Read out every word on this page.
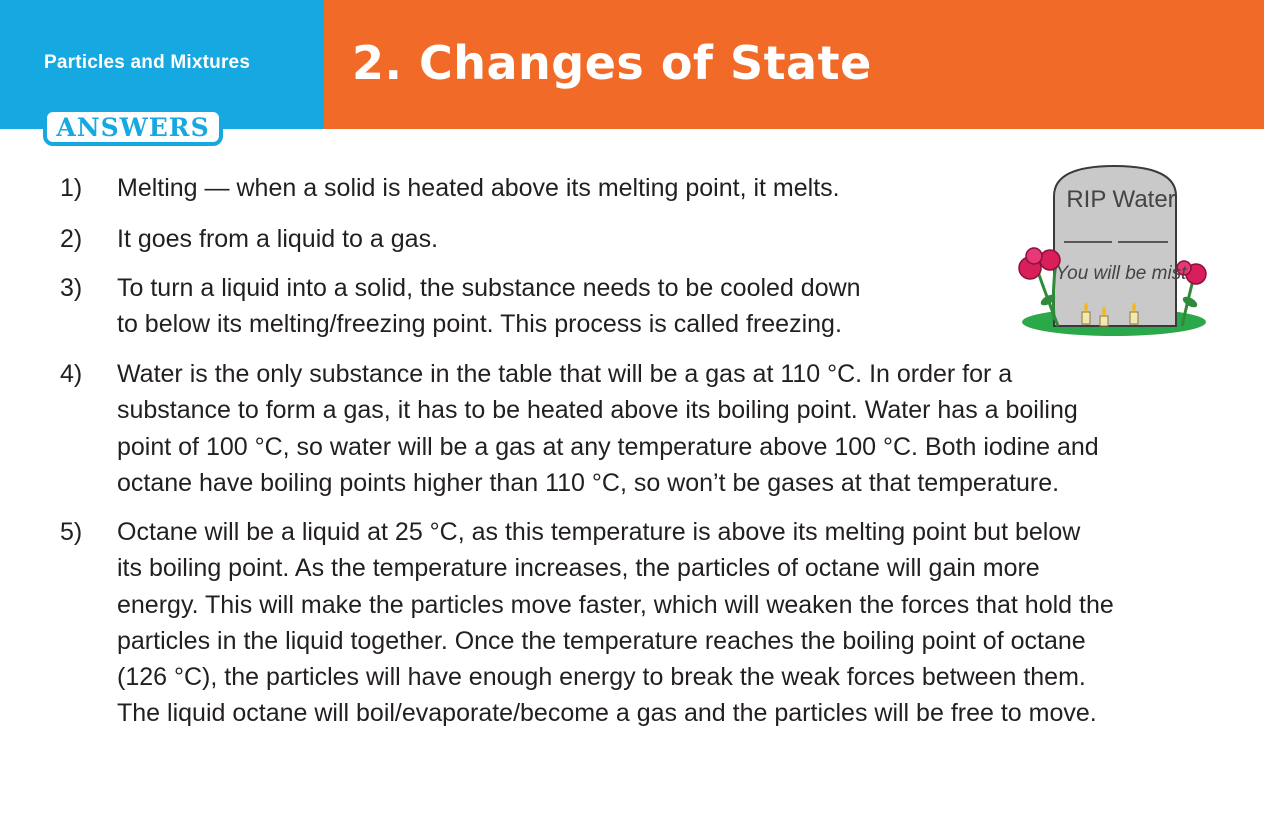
Particles and Mixtures 2. Changes of State
ANSWERS
1)	Melting — when a solid is heated above its melting point, it melts.
2)	It goes from a liquid to a gas.
3)	To turn a liquid into a solid, the substance needs to be cooled down
to below its melting/freezing point. This process is called freezing.
4)	Water is the only substance in the table that will be a gas at 110 °C. In order for a
substance to form a gas, it has to be heated above its boiling point. Water has a boiling
point of 100 °C, so water will be a gas at any temperature above 100 °C. Both iodine and
octane have boiling points higher than 110 °C, so won’t be gases at that temperature.
5)	Octane will be a liquid at 25 °C, as this temperature is above its melting point but below
its boiling point. As the temperature increases, the particles of octane will gain more
energy. This will make the particles move faster, which will weaken the forces that hold the
particles in the liquid together. Once the temperature reaches the boiling point of octane
(126 °C), the particles will have enough energy to break the weak forces between them.
The liquid octane will boil/evaporate/become a gas and the particles will be free to move.
RIP Water
You will be mist
